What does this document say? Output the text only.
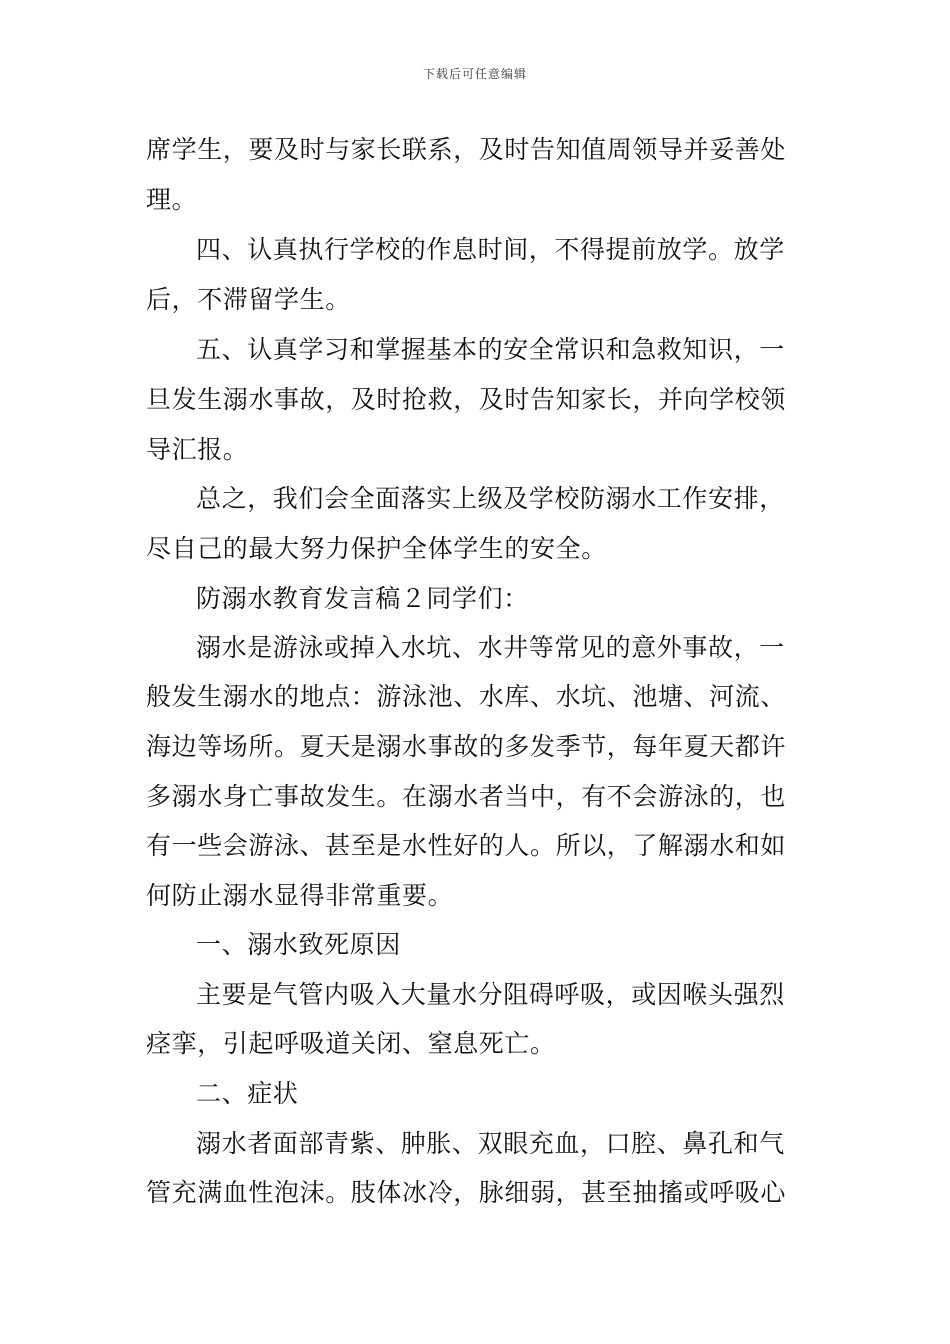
下载后可任意编辑
席学生，要及时与家长联系，及时告知值周领导并妥善处
理。
四、认真执行学校的作息时间，不得提前放学。放学
后，不滞留学生。
五、认真学习和掌握基本的安全常识和急救知识，一
旦发生溺水事故，及时抢救，及时告知家长，并向学校领
导汇报。
总之，我们会全面落实上级及学校防溺水工作安排，
尽自己的最大努力保护全体学生的安全。
防溺水教育发言稿２同学们：
溺水是游泳或掉入水坑、水井等常见的意外事故，一
般发生溺水的地点：游泳池、水库、水坑、池塘、河流、
海边等场所。夏天是溺水事故的多发季节，每年夏天都许
多溺水身亡事故发生。在溺水者当中，有不会游泳的，也
有一些会游泳、甚至是水性好的人。所以，了解溺水和如
何防止溺水显得非常重要。
一、溺水致死原因
主要是气管内吸入大量水分阻碍呼吸，或因喉头强烈
痉挛，引起呼吸道关闭、窒息死亡。
二、症状
溺水者面部青紫、肿胀、双眼充血，口腔、鼻孔和气
管充满血性泡沫。肢体冰冷，脉细弱，甚至抽搐或呼吸心
